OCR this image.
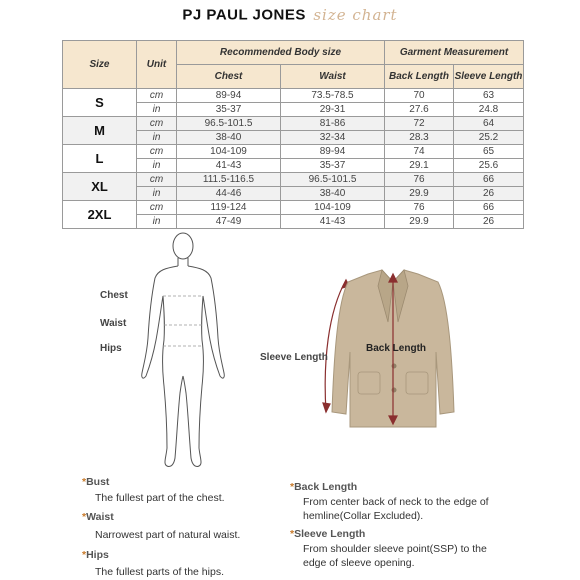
PJ PAUL JONES size chart
Size	Unit	Recommended Body size		Garment Measurement	
		Chest	Waist	Back Length	Sleeve Length
S	cm	89-94	73.5-78.5	70	63
	in	35-37	29-31	27.6	24.8
M	cm	96.5-101.5	81-86	72	64
	in	38-40	32-34	28.3	25.2
L	cm	104-109	89-94	74	65
	in	41-43	35-37	29.1	25.6
XL	cm	111.5-116.5	96.5-101.5	76	66
	in	44-46	38-40	29.9	26
2XL	cm	119-124	104-109	76	66
	in	47-49	41-43	29.9	26
Chest
Waist
Hips
Sleeve Length
Back Length
*Bust
The fullest part of the chest.
*Waist
Narrowest part of natural waist.
*Hips
The fullest parts of the hips.
*Back Length
From center back of neck to the edge of
hemline(Collar Excluded).
*Sleeve Length
From shoulder sleeve point(SSP) to the
edge of sleeve opening.
